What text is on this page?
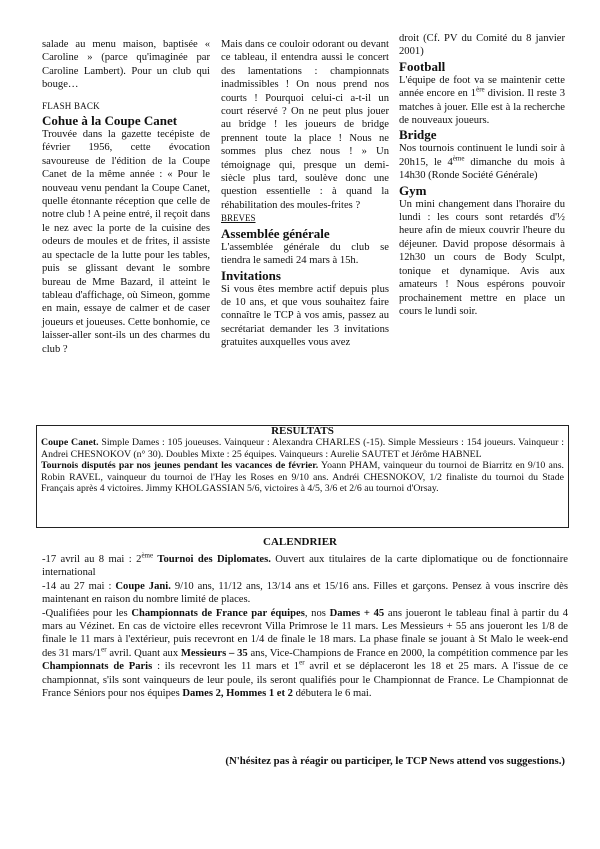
salade au menu maison, baptisée « Caroline » (parce qu'imaginée par Caroline Lambert). Pour un club qui bouge…

FLASH BACK

Cohue à la Coupe Canet

Trouvée dans la gazette tecépiste de février 1956, cette évocation savoureuse de l'édition de la Coupe Canet de la même année : « Pour le nouveau venu pendant la Coupe Canet, quelle étonnante réception que celle de notre club ! A peine entré, il reçoit dans le nez avec la porte de la cuisine des odeurs de moules et de frites, il assiste au spectacle de la lutte pour les tables, puis se glissant devant le sombre bureau de Mme Bazard, il atteint le tableau d'affichage, où Simeon, gomme en main, essaye de calmer et de caser joueurs et joueuses. Cette bonhomie, ce laisser-aller sont-ils un des charmes du club ?

Mais dans ce couloir odorant ou devant ce tableau, il entendra aussi le concert des lamentations : championnats inadmissibles ! On nous prend nos courts ! Pourquoi celui-ci a-t-il un court réservé ? On ne peut plus jouer au bridge ! les joueurs de bridge prennent toute la place ! Nous ne sommes plus chez nous ! » Un témoignage qui, presque un demi-siècle plus tard, soulève donc une question essentielle : à quand la réhabilitation des moules-frites ?

BREVES

Assemblée générale

L'assemblée générale du club se tiendra le samedi 24 mars à 15h.

Invitations

Si vous êtes membre actif depuis plus de 10 ans, et que vous souhaitez faire connaître le TCP à vos amis, passez au secrétariat demander les 3 invitations gratuites auxquelles vous avez

droit (Cf. PV du Comité du 8 janvier 2001)

Football

L'équipe de foot va se maintenir cette année encore en 1ère division. Il reste 3 matches à jouer. Elle est à la recherche de nouveaux joueurs.

Bridge

Nos tournois continuent le lundi soir à 20h15, le 4ème dimanche du mois à 14h30 (Ronde Société Générale)

Gym

Un mini changement dans l'horaire du lundi : les cours sont retardés d'½ heure afin de mieux couvrir l'heure du déjeuner. David propose désormais à 12h30 un cours de Body Sculpt, tonique et dynamique. Avis aux amateurs ! Nous espérons pouvoir prochainement mettre en place un cours le lundi soir.

RESULTATS

Coupe Canet. Simple Dames : 105 joueuses. Vainqueur : Alexandra CHARLES (-15). Simple Messieurs : 154 joueurs. Vainqueur : Andrei CHESNOKOV (n° 30). Doubles Mixte : 25 équipes. Vainqueurs : Aurelie SAUTET et Jérôme HABNEL

Tournois disputés par nos jeunes pendant les vacances de février. Yoann PHAM, vainqueur du tournoi de Biarritz en 9/10 ans. Robin RAVEL, vainqueur du tournoi de l'Hay les Roses en 9/10 ans. Andréi CHESNOKOV, 1/2 finaliste du tournoi du Stade Français après 4 victoires. Jimmy KHOLGASSIAN 5/6, victoires à 4/5, 3/6 et 2/6 au tournoi d'Orsay.

CALENDRIER

-17 avril au 8 mai : 2ème Tournoi des Diplomates. Ouvert aux titulaires de la carte diplomatique ou de fonctionnaire international

-14 au 27 mai : Coupe Jani. 9/10 ans, 11/12 ans, 13/14 ans et 15/16 ans. Filles et garçons. Pensez à vous inscrire dès maintenant en raison du nombre limité de places.

-Qualifiées pour les Championnats de France par équipes, nos Dames + 45 ans joueront le tableau final à partir du 4 mars au Vézinet. En cas de victoire elles recevront Villa Primrose le 11 mars. Les Messieurs + 55 ans joueront les 1/8 de finale le 11 mars à l'extérieur, puis recevront en 1/4 de finale le 18 mars. La phase finale se jouant à St Malo le week-end des 31 mars/1er avril. Quant aux Messieurs – 35 ans, Vice-Champions de France en 2000, la compétition commence par les Championnats de Paris : ils recevront les 11 mars et 1er avril et se déplaceront les 18 et 25 mars. A l'issue de ce championnat, s'ils sont vainqueurs de leur poule, ils seront qualifiés pour le Championnat de France. Le Championnat de France Séniors pour nos équipes Dames 2, Hommes 1 et 2 débutera le 6 mai.

(N'hésitez pas à réagir ou participer, le TCP News attend vos suggestions.)
